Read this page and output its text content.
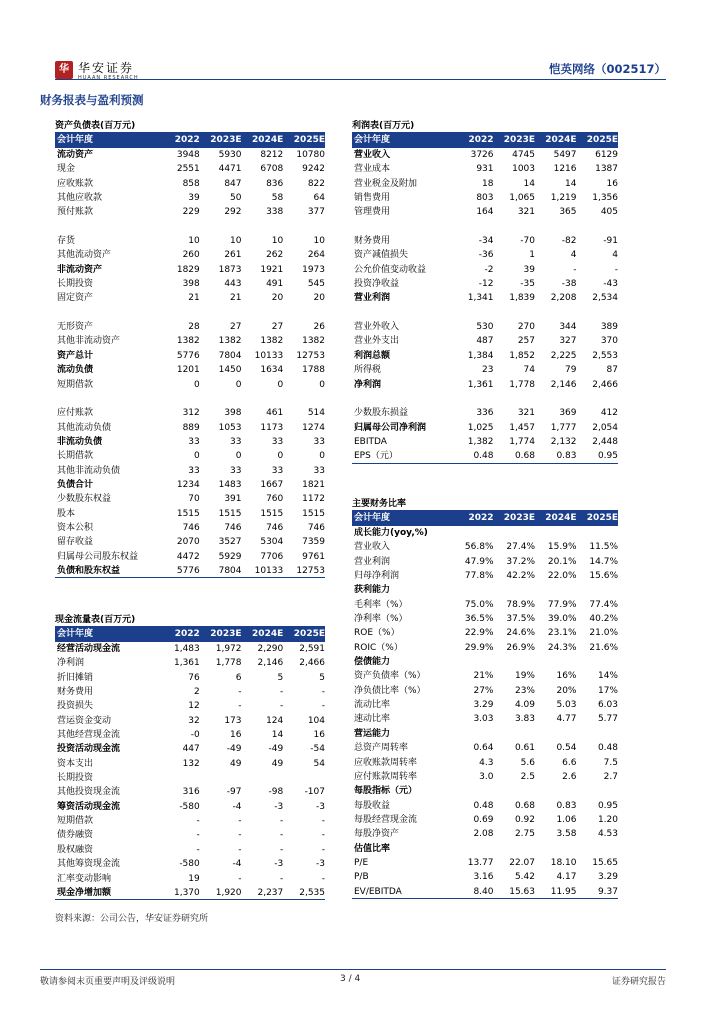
华 华安证券
HUAAN RESEARCH
恺英网络（002517）
财务报表与盈利预测
资产负债表(百万元)
会计年度	2022	2023E	2024E	2025E
流动资产	3948	5930	8212	10780
现金	2551	4471	6708	9242
应收账款	858	847	836	822
其他应收款	39	50	58	64
预付账款	229	292	338	377
存货	10	10	10	10
其他流动资产	260	261	262	264
非流动资产	1829	1873	1921	1973
长期投资	398	443	491	545
固定资产	21	21	20	20
无形资产	28	27	27	26
其他非流动资产	1382	1382	1382	1382
资产总计	5776	7804	10133	12753
流动负债	1201	1450	1634	1788
短期借款	0	0	0	0
应付账款	312	398	461	514
其他流动负债	889	1053	1173	1274
非流动负债	33	33	33	33
长期借款	0	0	0	0
其他非流动负债	33	33	33	33
负债合计	1234	1483	1667	1821
少数股东权益	70	391	760	1172
股本	1515	1515	1515	1515
资本公积	746	746	746	746
留存收益	2070	3527	5304	7359
归属母公司股东权益	4472	5929	7706	9761
负债和股东权益	5776	7804	10133	12753
现金流量表(百万元)
会计年度	2022	2023E	2024E	2025E
经营活动现金流	1,483	1,972	2,290	2,591
净利润	1,361	1,778	2,146	2,466
折旧摊销	76	6	5	5
财务费用	2	-	-	-
投资损失	12	-	-	-
营运资金变动	32	173	124	104
其他经营现金流	-0	16	14	16
投资活动现金流	447	-49	-49	-54
资本支出	132	49	49	54
长期投资
其他投资现金流	316	-97	-98	-107
筹资活动现金流	-580	-4	-3	-3
短期借款	-	-	-	-
债券融资	-	-	-	-
股权融资	-	-	-	-
其他筹资现金流	-580	-4	-3	-3
汇率变动影响	19	-	-	-
现金净增加额	1,370	1,920	2,237	2,535
利润表(百万元)
会计年度	2022	2023E	2024E	2025E
营业收入	3726	4745	5497	6129
营业成本	931	1003	1216	1387
营业税金及附加	18	14	14	16
销售费用	803	1,065	1,219	1,356
管理费用	164	321	365	405
财务费用	-34	-70	-82	-91
资产减值损失	-36	1	4	4
公允价值变动收益	-2	39	-	-
投资净收益	-12	-35	-38	-43
营业利润	1,341	1,839	2,208	2,534
营业外收入	530	270	344	389
营业外支出	487	257	327	370
利润总额	1,384	1,852	2,225	2,553
所得税	23	74	79	87
净利润	1,361	1,778	2,146	2,466
少数股东损益	336	321	369	412
归属母公司净利润	1,025	1,457	1,777	2,054
EBITDA	1,382	1,774	2,132	2,448
EPS（元）	0.48	0.68	0.83	0.95
主要财务比率
会计年度	2022	2023E	2024E	2025E
成长能力(yoy,%)
营业收入	56.8%	27.4%	15.9%	11.5%
营业利润	47.9%	37.2%	20.1%	14.7%
归母净利润	77.8%	42.2%	22.0%	15.6%
获利能力
毛利率（%）	75.0%	78.9%	77.9%	77.4%
净利率（%）	36.5%	37.5%	39.0%	40.2%
ROE（%）	22.9%	24.6%	23.1%	21.0%
ROIC（%）	29.9%	26.9%	24.3%	21.6%
偿债能力
资产负债率（%）	21%	19%	16%	14%
净负债比率（%）	27%	23%	20%	17%
流动比率	3.29	4.09	5.03	6.03
速动比率	3.03	3.83	4.77	5.77
营运能力
总资产周转率	0.64	0.61	0.54	0.48
应收账款周转率	4.3	5.6	6.6	7.5
应付账款周转率	3.0	2.5	2.6	2.7
每股指标（元）
每股收益	0.48	0.68	0.83	0.95
每股经营现金流	0.69	0.92	1.06	1.20
每股净资产	2.08	2.75	3.58	4.53
估值比率
P/E	13.77	22.07	18.10	15.65
P/B	3.16	5.42	4.17	3.29
EV/EBITDA	8.40	15.63	11.95	9.37
资料来源：公司公告，华安证券研究所
敬请参阅末页重要声明及评级说明	3 / 4	证券研究报告
